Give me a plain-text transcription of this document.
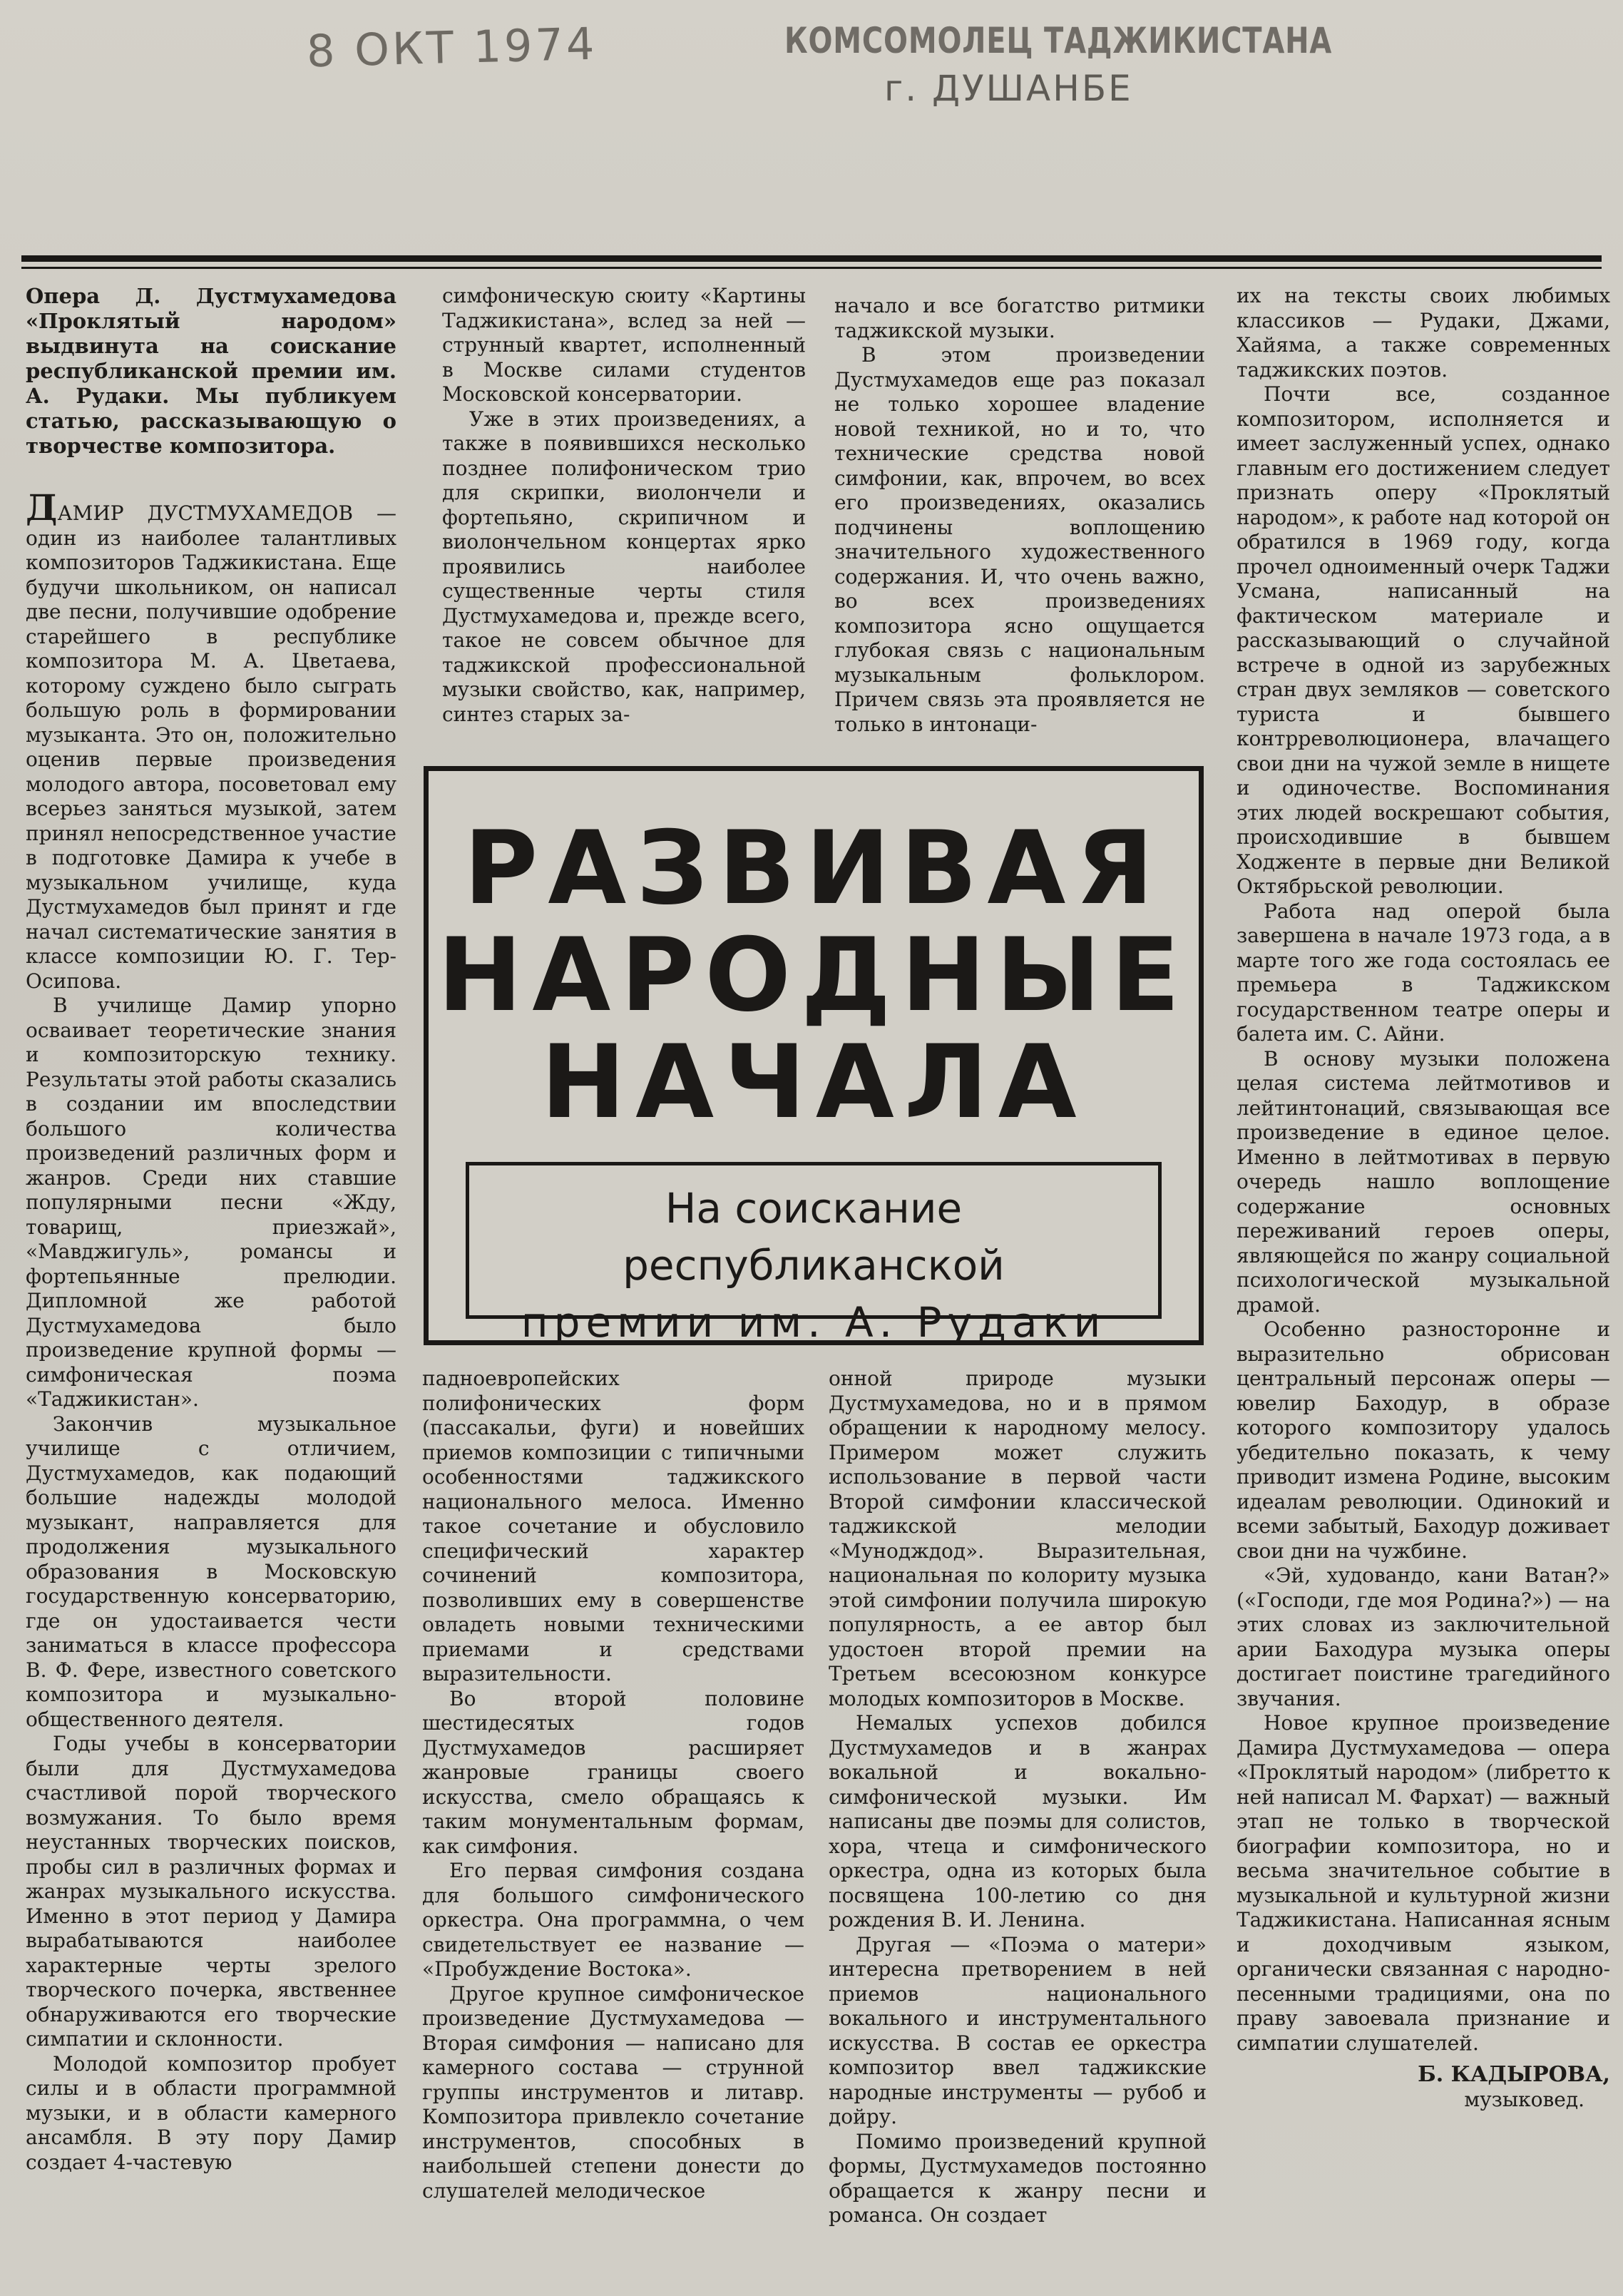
8 ОКТ 1974	КОМСОМОЛЕЦ ТАДЖИКИСТАНА
г. ДУШАНБЕ

Опера Д. Дустмухамедова «Проклятый народом» выдвинута на соискание республиканской премии им. А. Рудаки. Мы публикуем статью, рассказывающую о творчестве композитора.

ДАМИР ДУСТМУХАМЕДОВ — один из наиболее талантливых композиторов Таджикистана. Еще будучи школьником, он написал две песни, получившие одобрение старейшего в республике композитора М. А. Цветаева, которому суждено было сыграть большую роль в формировании музыканта. Это он, положительно оценив первые произведения молодого автора, посоветовал ему всерьез заняться музыкой, затем принял непосредственное участие в подготовке Дамира к учебе в музыкальном училище, куда Дустмухамедов был принят и где начал систематические занятия в классе композиции Ю. Г. Тер-Осипова.

В училище Дамир упорно осваивает теоретические знания и композиторскую технику. Результаты этой работы сказались в создании им впоследствии большого количества произведений различных форм и жанров. Среди них ставшие популярными песни «Жду, товарищ, приезжай», «Мавджигуль», романсы и фортепьянные прелюдии. Дипломной же работой Дустмухамедова было произведение крупной формы — симфоническая поэма «Таджикистан».

Закончив музыкальное училище с отличием, Дустмухамедов, как подающий большие надежды молодой музыкант, направляется для продолжения музыкального образования в Московскую государственную консерваторию, где он удостаивается чести заниматься в классе профессора В. Ф. Фере, известного советского композитора и музыкально-общественного деятеля.

Годы учебы в консерватории были для Дустмухамедова счастливой порой творческого возмужания. То было время неустанных творческих поисков, пробы сил в различных формах и жанрах музыкального искусства. Именно в этот период у Дамира вырабатываются наиболее характерные черты зрелого творческого почерка, явственнее обнаруживаются его творческие симпатии и склонности.

Молодой композитор пробует силы и в области программной музыки, и в области камерного ансамбля. В эту пору Дамир создает 4-частевую

симфоническую сюиту «Картины Таджикистана», вслед за ней — струнный квартет, исполненный в Москве силами студентов Московской консерватории.

Уже в этих произведениях, а также в появившихся несколько позднее полифоническом трио для скрипки, виолончели и фортепьяно, скрипичном и виолончельном концертах ярко проявились наиболее существенные черты стиля Дустмухамедова и, прежде всего, такое не совсем обычное для таджикской профессиональной музыки свойство, как, например, синтез старых за-

начало и все богатство ритмики таджикской музыки.

В этом произведении Дустмухамедов еще раз показал не только хорошее владение новой техникой, но и то, что технические средства новой симфонии, как, впрочем, во всех его произведениях, оказались подчинены воплощению значительного художественного содержания. И, что очень важно, во всех произведениях композитора ясно ощущается глубокая связь с национальным музыкальным фольклором. Причем связь эта проявляется не только в интонаци-

РАЗВИВАЯ
НАРОДНЫЕ
НАЧАЛА
На соискание республиканской
премии им. А. Рудаки

падноевропейских полифонических форм (пассакальи, фуги) и новейших приемов композиции с типичными особенностями таджикского национального мелоса. Именно такое сочетание и обусловило специфический характер сочинений композитора, позволивших ему в совершенстве овладеть новыми техническими приемами и средствами выразительности.

Во второй половине шестидесятых годов Дустмухамедов расширяет жанровые границы своего искусства, смело обращаясь к таким монументальным формам, как симфония.

Его первая симфония создана для большого симфонического оркестра. Она программна, о чем свидетельствует ее название — «Пробуждение Востока».

Другое крупное симфоническое произведение Дустмухамедова — Вторая симфония — написано для камерного состава — струнной группы инструментов и литавр. Композитора привлекло сочетание инструментов, способных в наибольшей степени донести до слушателей мелодическое

онной природе музыки Дустмухамедова, но и в прямом обращении к народному мелосу. Примером может служить использование в первой части Второй симфонии классической таджикской мелодии «Мунодждод». Выразительная, национальная по колориту музыка этой симфонии получила широкую популярность, а ее автор был удостоен второй премии на Третьем всесоюзном конкурсе молодых композиторов в Москве.

Немалых успехов добился Дустмухамедов и в жанрах вокальной и вокально-симфонической музыки. Им написаны две поэмы для солистов, хора, чтеца и симфонического оркестра, одна из которых была посвящена 100-летию со дня рождения В. И. Ленина.

Другая — «Поэма о матери» интересна претворением в ней приемов национального вокального и инструментального искусства. В состав ее оркестра композитор ввел таджикские народные инструменты — рубоб и дойру.

Помимо произведений крупной формы, Дустмухамедов постоянно обращается к жанру песни и романса. Он создает

их на тексты своих любимых классиков — Рудаки, Джами, Хайяма, а также современных таджикских поэтов.

Почти все, созданное композитором, исполняется и имеет заслуженный успех, однако главным его достижением следует признать оперу «Проклятый народом», к работе над которой он обратился в 1969 году, когда прочел одноименный очерк Таджи Усмана, написанный на фактическом материале и рассказывающий о случайной встрече в одной из зарубежных стран двух земляков — советского туриста и бывшего контрреволюционера, влачащего свои дни на чужой земле в нищете и одиночестве. Воспоминания этих людей воскрешают события, происходившие в бывшем Ходженте в первые дни Великой Октябрьской революции.

Работа над оперой была завершена в начале 1973 года, а в марте того же года состоялась ее премьера в Таджикском государственном театре оперы и балета им. С. Айни.

В основу музыки положена целая система лейтмотивов и лейтинтонаций, связывающая все произведение в единое целое. Именно в лейтмотивах в первую очередь нашло воплощение содержание основных переживаний героев оперы, являющейся по жанру социальной психологической музыкальной драмой.

Особенно разносторонне и выразительно обрисован центральный персонаж оперы — ювелир Баходур, в образе которого композитору удалось убедительно показать, к чему приводит измена Родине, высоким идеалам революции. Одинокий и всеми забытый, Баходур доживает свои дни на чужбине.

«Эй, худовандо, кани Ватан?» («Господи, где моя Родина?») — на этих словах из заключительной арии Баходура музыка оперы достигает поистине трагедийного звучания.

Новое крупное произведение Дамира Дустмухамедова — опера «Проклятый народом» (либретто к ней написал М. Фархат) — важный этап не только в творческой биографии композитора, но и весьма значительное событие в музыкальной и культурной жизни Таджикистана. Написанная ясным и доходчивым языком, органически связанная с народно-песенными традициями, она по праву завоевала признание и симпатии слушателей.

Б. КАДЫРОВА,

музыковед.
